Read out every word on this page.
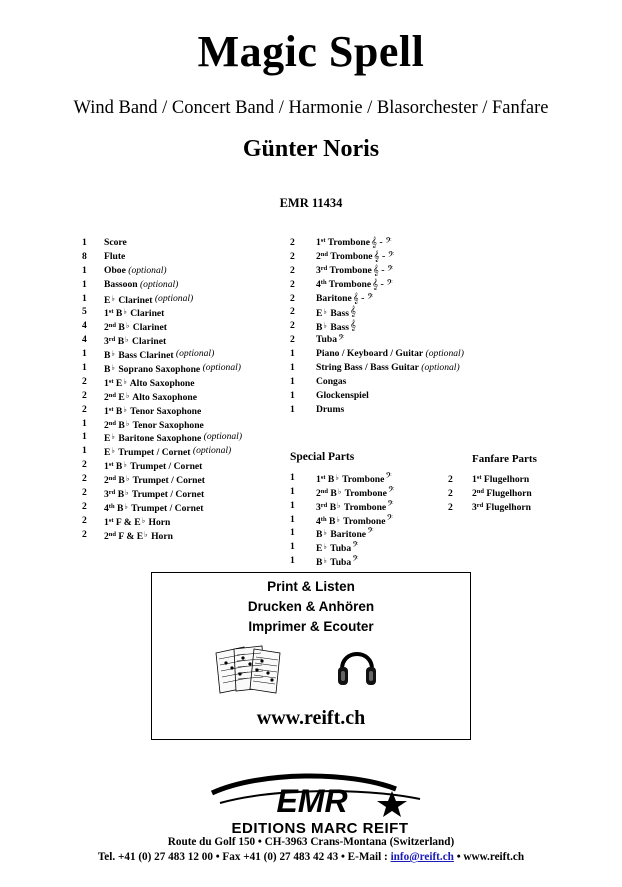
Magic Spell
Wind Band / Concert Band / Harmonie / Blasorchester / Fanfare
Günter Noris
EMR 11434
1	Score
8	Flute
1	Oboe (optional)
1	Bassoon (optional)
1	E♭ Clarinet (optional)
5	1st B♭ Clarinet
4	2nd B♭ Clarinet
4	3rd B♭ Clarinet
1	B♭ Bass Clarinet (optional)
1	B♭ Soprano Saxophone (optional)
2	1st E♭ Alto Saxophone
2	2nd E♭ Alto Saxophone
2	1st B♭ Tenor Saxophone
1	2nd B♭ Tenor Saxophone
1	E♭ Baritone Saxophone (optional)
1	E♭ Trumpet / Cornet (optional)
2	1st B♭ Trumpet / Cornet
2	2nd B♭ Trumpet / Cornet
2	3rd B♭ Trumpet / Cornet
2	4th B♭ Trumpet / Cornet
2	1st F & E♭ Horn
2	2nd F & E♭ Horn
2	1st Trombone 𝄞 - 𝄢
2	2nd Trombone 𝄞 - 𝄢
2	3rd Trombone 𝄞 - 𝄢
2	4th Trombone 𝄞 - 𝄢
2	Baritone 𝄞 - 𝄢
2	E♭ Bass 𝄞
2	B♭ Bass 𝄞
2	Tuba 𝄢
1	Piano / Keyboard / Guitar (optional)
1	String Bass / Bass Guitar (optional)
1	Congas
1	Glockenspiel
1	Drums
Special Parts
1	1st B♭ Trombone 𝄢
1	2nd B♭ Trombone 𝄢
1	3rd B♭ Trombone 𝄢
1	4th B♭ Trombone 𝄢
1	B♭ Baritone 𝄢
1	E♭ Tuba 𝄢
1	B♭ Tuba 𝄢
Fanfare Parts
2	1st Flugelhorn
2	2nd Flugelhorn
2	3rd Flugelhorn
Print & Listen
Drucken & Anhören
Imprimer & Ecouter
www.reift.ch
EMR
EDITIONS MARC REIFT
Route du Golf 150 • CH-3963 Crans-Montana (Switzerland)
Tel. +41 (0) 27 483 12 00 • Fax +41 (0) 27 483 42 43 • E-Mail : info@reift.ch • www.reift.ch
